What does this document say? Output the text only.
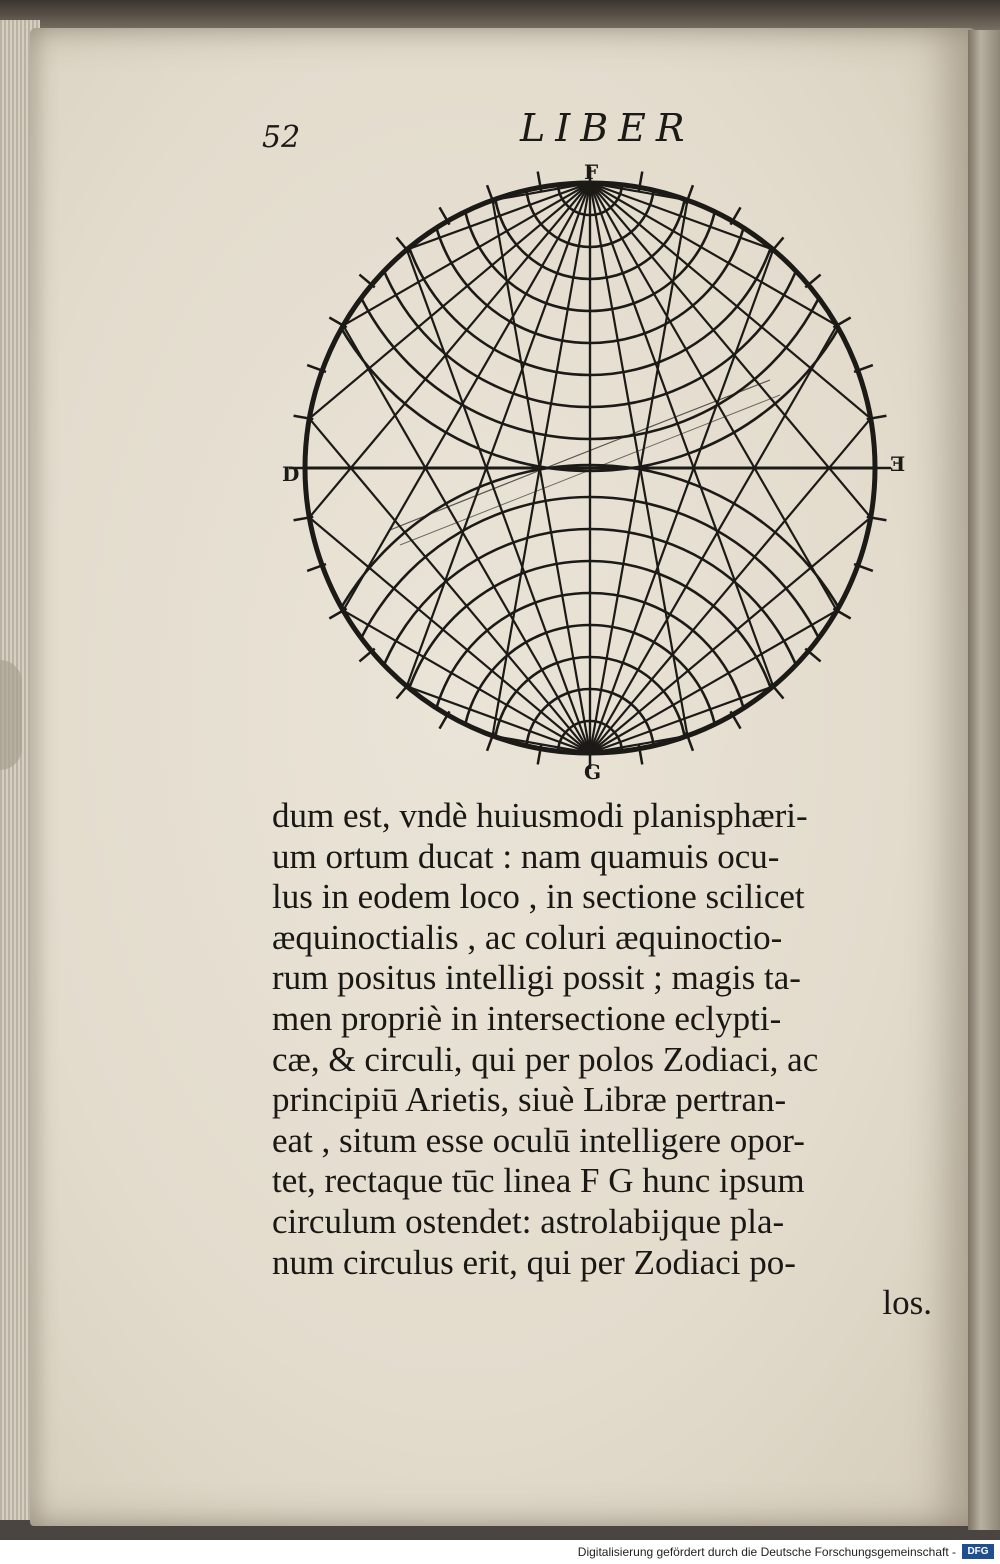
52	LIBER
F
G
D	E
dum est, vndè huiusmodi planisphæri-
um ortum ducat : nam quamuis ocu-
lus in eodem loco , in sectione scilicet
æquinoctialis , ac coluri æquinoctio-
rum positus intelligi possit ; magis ta-
men propriè in intersectione eclypti-
cæ, & circuli, qui per polos Zodiaci, ac
principiū Arietis, siuè Libræ pertran-
eat , situm esse oculū intelligere opor-
tet, rectaque tūc linea F G hunc ipsum
circulum ostendet: astrolabijque pla-
num circulus erit, qui per Zodiaci po-
los.
Digitalisierung gefördert durch die Deutsche Forschungsgemeinschaft -	DFG
